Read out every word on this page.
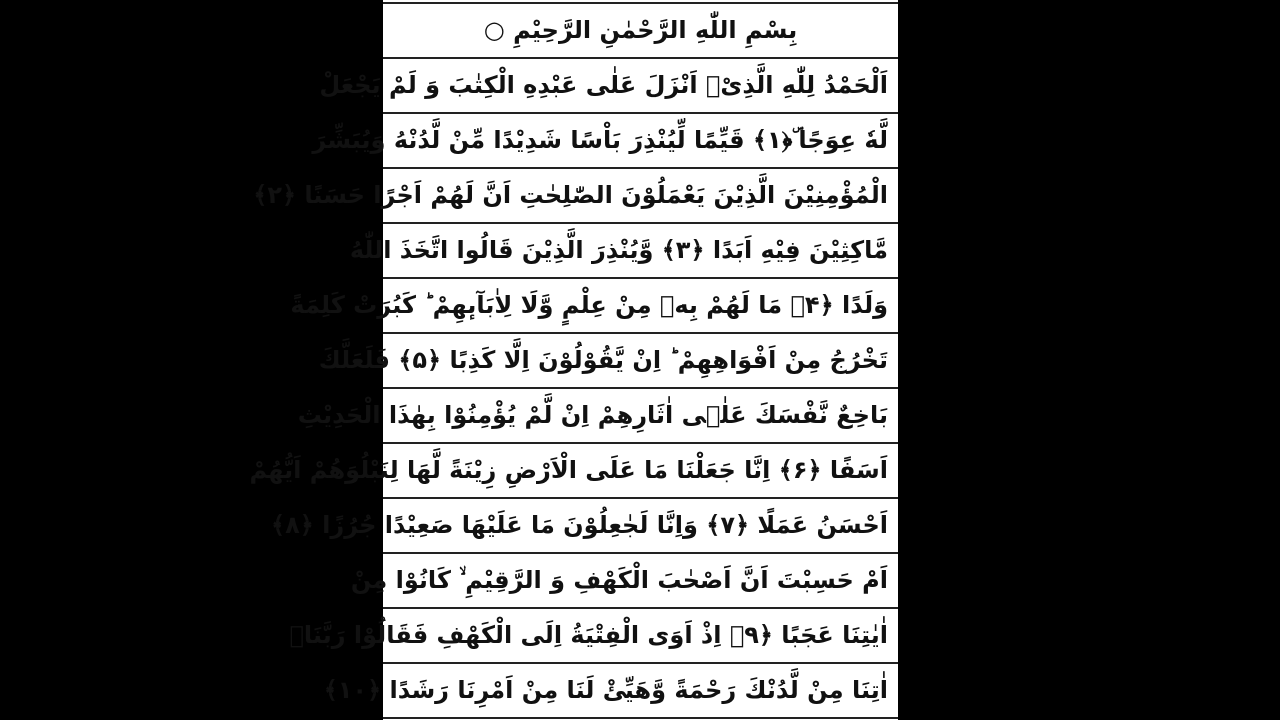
بِسْمِ اللّٰهِ الرَّحْمٰنِ الرَّحِیْمِ ○
اَلْحَمْدُ لِلّٰهِ الَّذِیْۤ اَنْزَلَ عَلٰى عَبْدِهِ الْكِتٰبَ وَ لَمْ یَجْعَلْ
لَّهٗ عِوَجًا ۜ﴿۱﴾ قَیِّمًا لِّیُنْذِرَ بَاْسًا شَدِیْدًا مِّنْ لَّدُنْهُ وَیُبَشِّرَ
الْمُؤْمِنِیْنَ الَّذِیْنَ یَعْمَلُوْنَ الصّٰلِحٰتِ اَنَّ لَهُمْ اَجْرًا حَسَنًا ﴿۲﴾
مَّاكِثِیْنَ فِیْهِ اَبَدًا ﴿۳﴾ وَّیُنْذِرَ الَّذِیْنَ قَالُوا اتَّخَذَ اللّٰهُ
وَلَدًا ﴿۴﴾ مَا لَهُمْ بِهٖ مِنْ عِلْمٍ وَّلَا لِاٰبَآىٕهِمْ ؕ كَبُرَتْ كَلِمَةً
تَخْرُجُ مِنْ اَفْوَاهِهِمْ ؕ اِنْ یَّقُوْلُوْنَ اِلَّا كَذِبًا ﴿۵﴾ فَلَعَلَّكَ
بَاخِعٌ نَّفْسَكَ عَلٰۤى اٰثَارِهِمْ اِنْ لَّمْ یُؤْمِنُوْا بِهٰذَا الْحَدِیْثِ
اَسَفًا ﴿۶﴾ اِنَّا جَعَلْنَا مَا عَلَى الْاَرْضِ زِیْنَةً لَّهَا لِنَبْلُوَهُمْ اَیُّهُمْ
اَحْسَنُ عَمَلًا ﴿۷﴾ وَاِنَّا لَجٰعِلُوْنَ مَا عَلَیْهَا صَعِیْدًا جُرُزًا ﴿۸﴾
اَمْ حَسِبْتَ اَنَّ اَصْحٰبَ الْكَهْفِ وَ الرَّقِیْمِ ۙ كَانُوْا مِنْ
اٰیٰتِنَا عَجَبًا ﴿۹﴾ اِذْ اَوَى الْفِتْیَةُ اِلَى الْكَهْفِ فَقَالُوْا رَبَّنَاۤ
اٰتِنَا مِنْ لَّدُنْكَ رَحْمَةً وَّهَیِّئْ لَنَا مِنْ اَمْرِنَا رَشَدًا ﴿۱۰﴾
